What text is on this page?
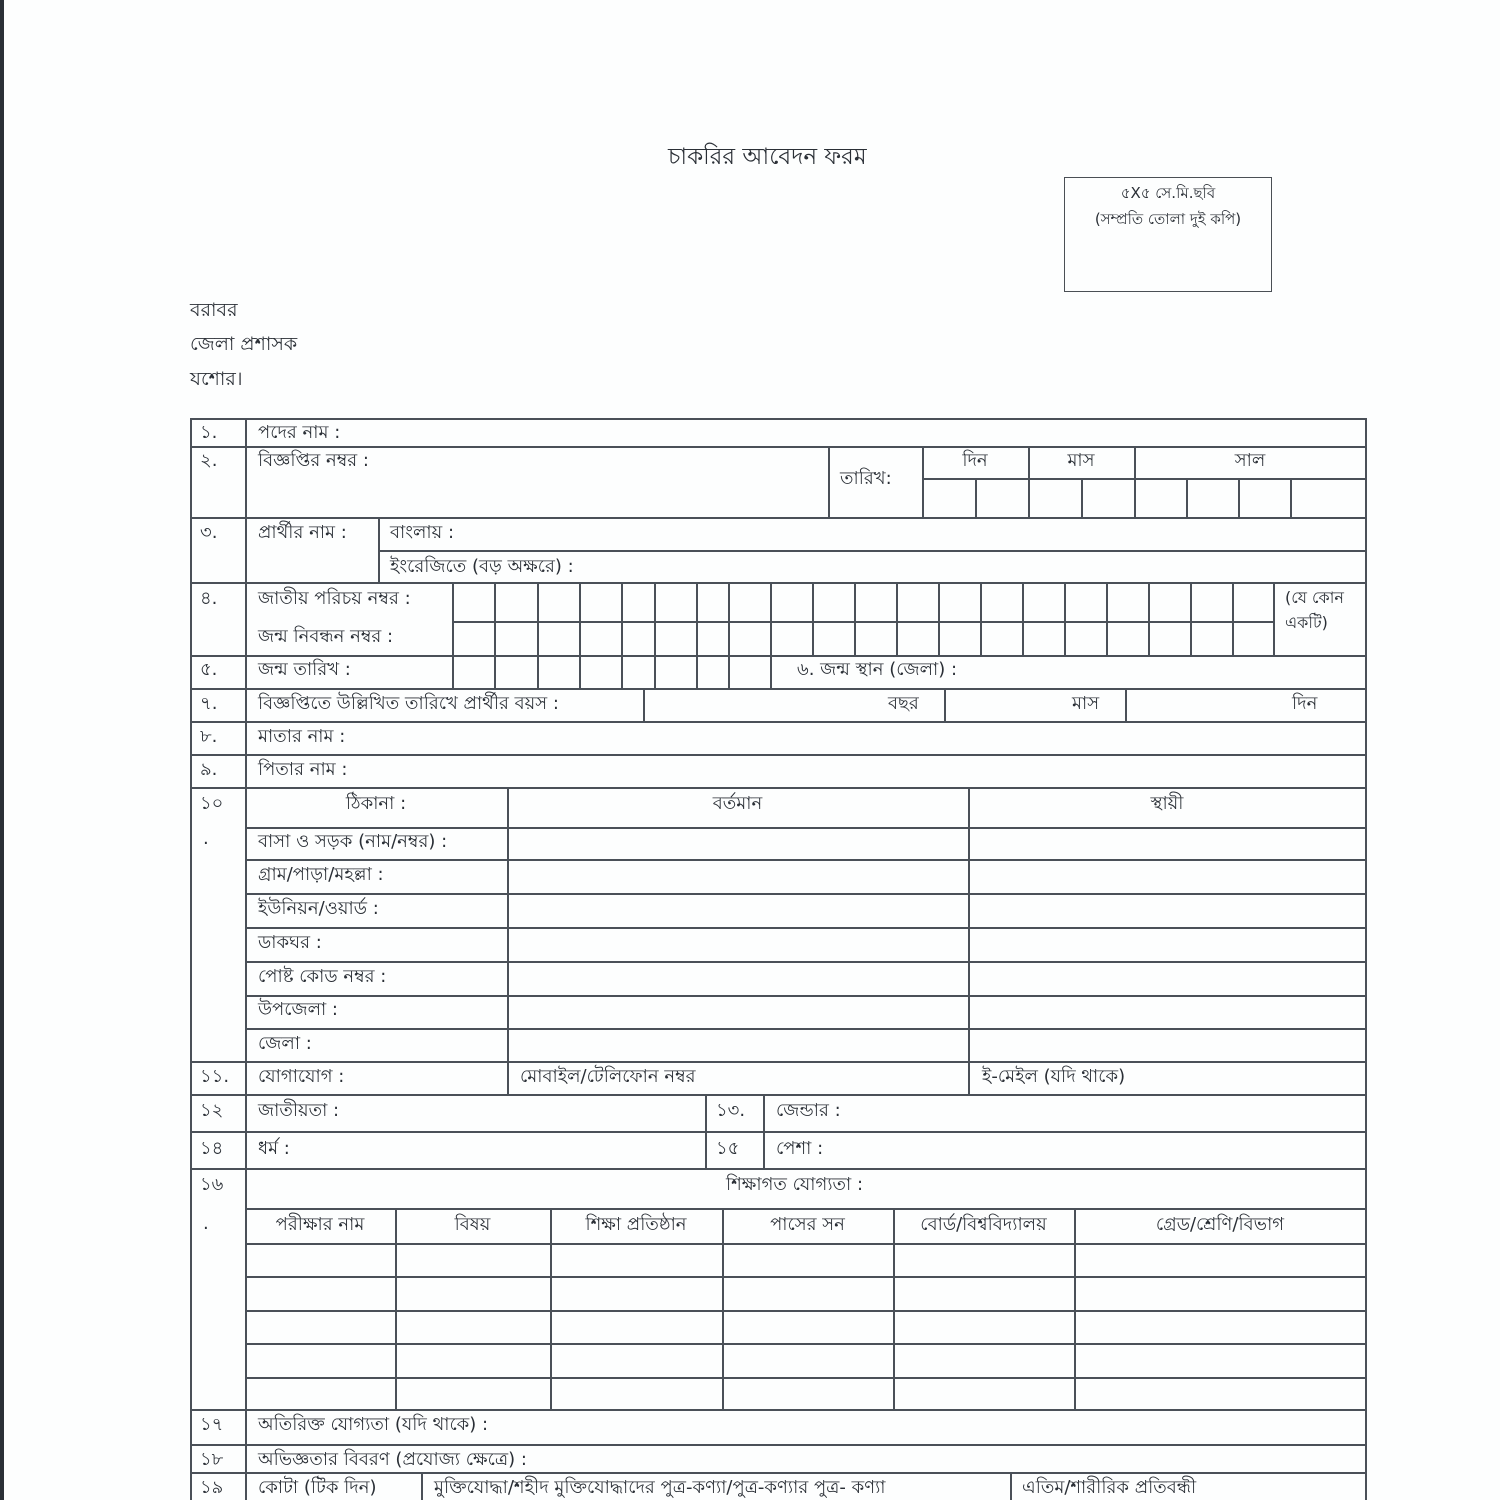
চাকরির আবেদন ফরম
৫X৫ সে.মি.ছবি
(সম্প্রতি তোলা দুই কপি)
বরাবর
জেলা প্রশাসক
যশোর।
১. পদের নাম :
২. বিজ্ঞপ্তির নম্বর :
তারিখ:
দিন	মাস	সাল
৩. প্রার্থীর নাম : বাংলায় :
ইংরেজিতে (বড় অক্ষরে) :
৪. জাতীয় পরিচয় নম্বর :
জন্ম নিবন্ধন নম্বর :
(যে কোন
একটি)
৫. জন্ম তারিখ :	৬. জন্ম স্থান (জেলা) :
৭. বিজ্ঞপ্তিতে উল্লিখিত তারিখে প্রার্থীর বয়স :	বছর	মাস	দিন
৮. মাতার নাম :
৯. পিতার নাম :
১০
.
ঠিকানা :	বর্তমান	স্থায়ী
বাসা ও সড়ক (নাম/নম্বর) :
গ্রাম/পাড়া/মহল্লা :
ইউনিয়ন/ওয়ার্ড :
ডাকঘর :
পোষ্ট কোড নম্বর :
উপজেলা :
জেলা :
১১. যোগাযোগ :	মোবাইল/টেলিফোন নম্বর	ই-মেইল (যদি থাকে)
১২ জাতীয়তা :	১৩. জেন্ডার :
১৪ ধর্ম :	১৫ পেশা :
১৬
.
শিক্ষাগত যোগ্যতা :
পরীক্ষার নাম	বিষয়	শিক্ষা প্রতিষ্ঠান	পাসের সন	বোর্ড/বিশ্ববিদ্যালয়	গ্রেড/শ্রেণি/বিভাগ
১৭ অতিরিক্ত যোগ্যতা (যদি থাকে) :
১৮ অভিজ্ঞতার বিবরণ (প্রযোজ্য ক্ষেত্রে) :
১৯ কোটা (টিক দিন)	মুক্তিযোদ্ধা/শহীদ মুক্তিযোদ্ধাদের পুত্র-কণ্যা/পুত্র-কণ্যার পুত্র- কণ্যা	এতিম/শারীরিক প্রতিবন্ধী
